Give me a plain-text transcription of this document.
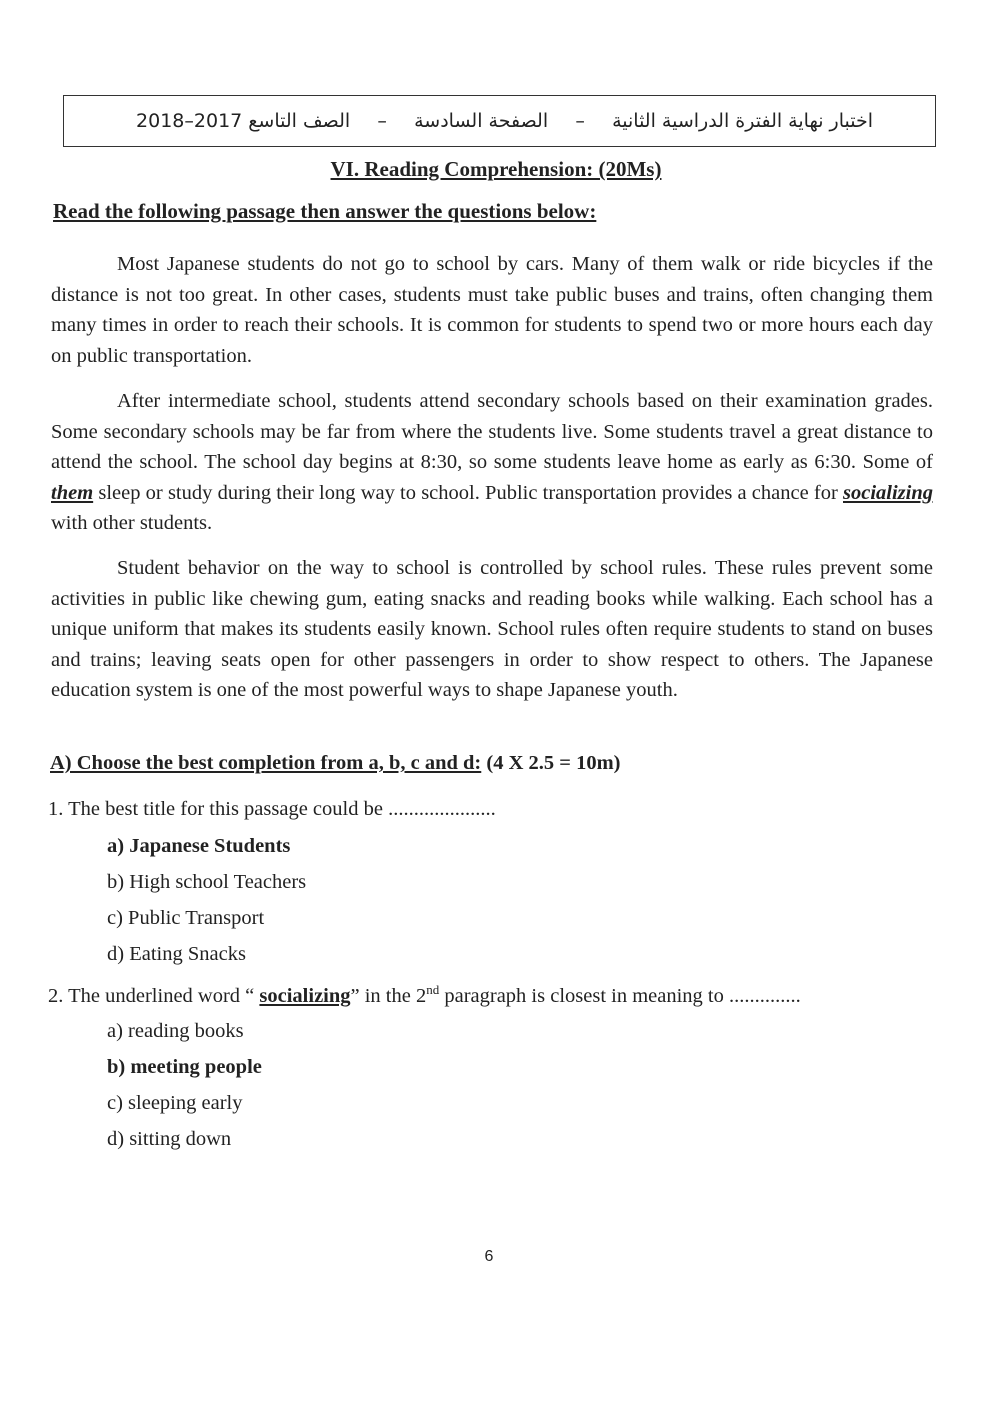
اختبار نهاية الفترة الدراسية الثانية
–
الصفحة السادسة
–
الصف التاسع 2017–2018
VI. Reading Comprehension: (20Ms)
Read the following passage then answer the questions below:

Most Japanese students do not go to school by cars. Many of them walk or ride bicycles if the distance is not too great. In other cases, students must take public buses and trains, often changing them many times in order to reach their schools. It is common for students to spend two or more hours each day on public transportation.

After intermediate school, students attend secondary schools based on their examination grades. Some secondary schools may be far from where the students live. Some students travel a great distance to attend the school. The school day begins at 8:30, so some students leave home as early as 6:30. Some of them sleep or study during their long way to school. Public transportation provides a chance for socializing with other students.

Student behavior on the way to school is controlled by school rules. These rules prevent some activities in public like chewing gum, eating snacks and reading books while walking. Each school has a unique uniform that makes its students easily known. School rules often require students to stand on buses and trains; leaving seats open for other passengers in order to show respect to others. The Japanese education system is one of the most powerful ways to shape Japanese youth.

A) Choose the best completion from a, b, c and d: (4 X 2.5 = 10m)
1. The best title for this passage could be .....................
a) Japanese Students
b) High school Teachers
c) Public Transport
d) Eating Snacks
2. The underlined word “ socializing” in the 2nd paragraph is closest in meaning to ..............
a) reading books
b) meeting people
c) sleeping early
d) sitting down
6
